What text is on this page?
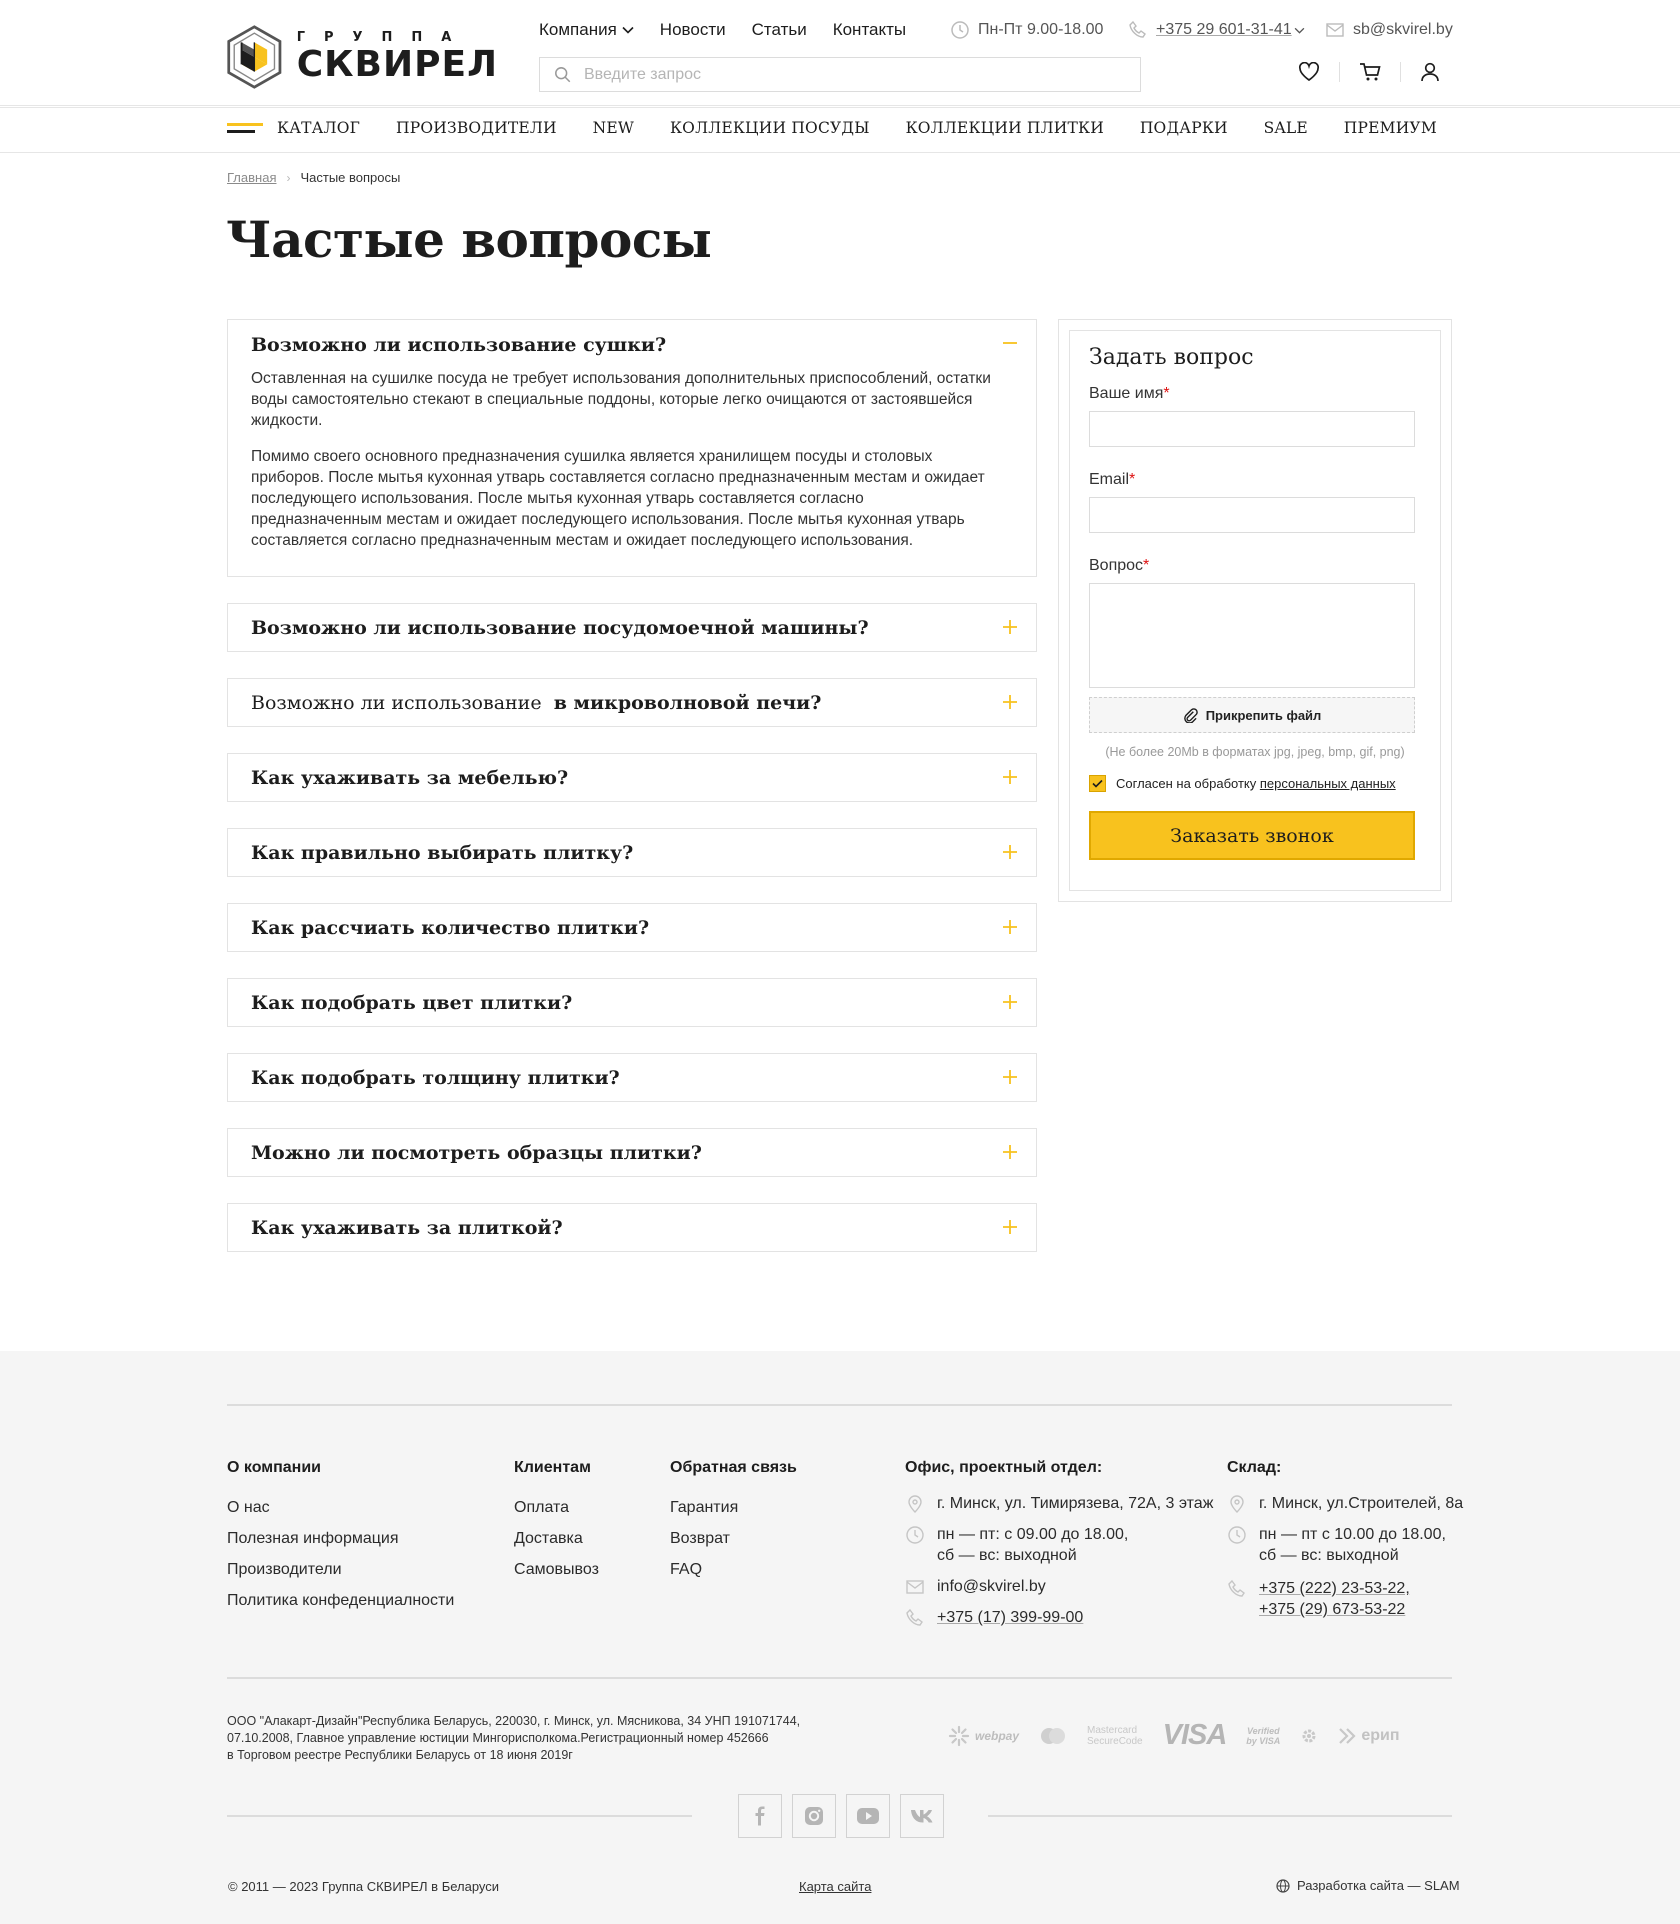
ГРУППА
СКВИРЕЛ
Компания	Новости Статьи Контакты	Пн-Пт 9.00-18.00	+375 29 601-31-41	sb@skvirel.by
Введите запрос
КАТАЛОГ ПРОИЗВОДИТЕЛИ NEW КОЛЛЕКЦИИ ПОСУДЫ КОЛЛЕКЦИИ ПЛИТКИ ПОДАРКИ SALE ПРЕМИУМ
Главная › Частые вопросы
Частые вопросы
Возможно ли использование сушки?

Оставленная на сушилке посуда не требует использования дополнительных приспособлений, остатки воды самостоятельно стекают в специальные поддоны, которые легко очищаются от застоявшейся жидкости.

Помимо своего основного предназначения сушилка является хранилищем посуды и столовых приборов. После мытья кухонная утварь составляется согласно предназначенным местам и ожидает последующего использования. После мытья кухонная утварь составляется согласно предназначенным местам и ожидает последующего использования. После мытья кухонная утварь составляется согласно предназначенным местам и ожидает последующего использования.

Возможно ли использование посудомоечной машины?
Возможно ли использование
в микроволновой печи?
Как ухаживать за мебелью?
Как правильно выбирать плитку?
Как рассчиать количество плитки?
Как подобрать цвет плитки?
Как подобрать толщину плитки?
Можно ли посмотреть образцы плитки?
Как ухаживать за плиткой?
Задать вопрос
Ваше имя*
Email*
Вопрос*
Прикрепить файл
(Не более 20Mb в форматах jpg, jpeg, bmp, gif, png)
Согласен на обработку персональных данных
Заказать звонок
О компании
О нас
Полезная информация
Производители
Политика конфеденциалности
Клиентам
Оплата
Доставка
Самовывоз
Обратная связь
Гарантия
Возврат
FAQ
Офис, проектный отдел:
г. Минск, ул. Тимирязева, 72А, 3 этаж
пн — пт: с 09.00 до 18.00,
сб — вс: выходной
info@skvirel.by
+375 (17) 399-99-00
Склад:
г. Минск, ул.Строителей, 8а
пн — пт с 10.00 до 18.00,
сб — вс: выходной
+375 (222) 23-53-22,
+375 (29) 673-53-22
ООО "Алакарт-Дизайн"Республика Беларусь, 220030, г. Минск, ул. Мясникова, 34 УНП 191071744,
07.10.2008, Главное управление юстиции Мингорисполкома.Регистрационный номер 452666
в Торговом реестре Республики Беларусь от 18 июня 2019г
webpay	Mastercard
SecureCode VISA Verified
by VISA	ерип
© 2011 — 2023 Группа СКВИРЕЛ в Беларуси	Карта сайта	Разработка сайта — SLAM
